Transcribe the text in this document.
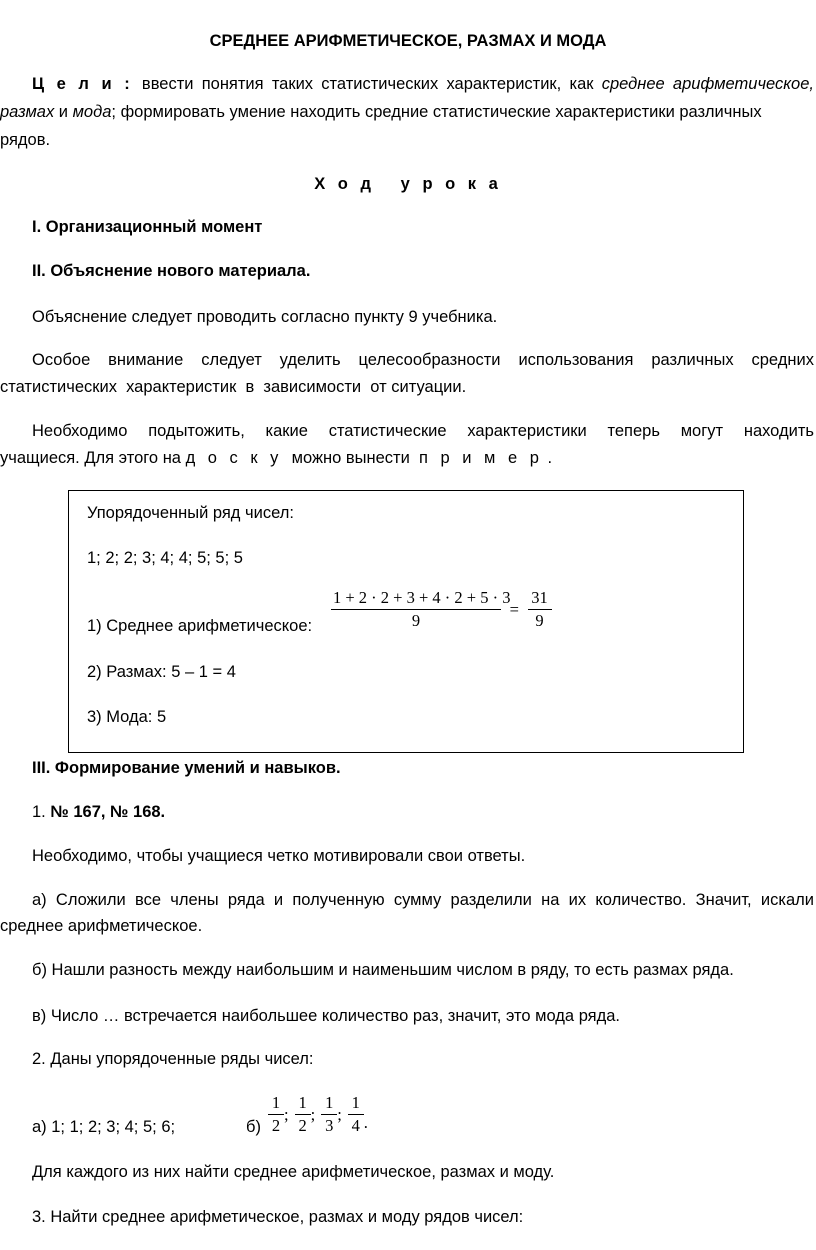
СРЕДНЕЕ АРИФМЕТИЧЕСКОЕ, РАЗМАХ И МОДА
Ц е л и : ввести понятия таких статистических характеристик, как среднее арифметическое,
размах и мода; формировать умение находить средние статистические характеристики различных
рядов.
Х о д   у р о к а
I. Организационный момент
II. Объяснение нового материала.
Объяснение следует проводить согласно пункту 9 учебника.
Особое внимание следует уделить целесообразности использования различных средних
статистических  характеристик  в  зависимости  от ситуации.
Необходимо подытожить, какие статистические характеристики теперь могут находить
учащиеся. Для этого на д о с к у  можно вынести  п р и м е р .
Упорядоченный ряд чисел:
1; 2; 2; 3; 4; 4; 5; 5; 5
1) Среднее арифметическое: $\frac{1 + 2 \cdot 2 + 3 + 4 \cdot 2 + 5 \cdot 3}{9} = \frac{31}{9}$
2) Размах: 5 – 1 = 4
3) Мода: 5
III. Формирование умений и навыков.
1. № 167, № 168.
Необходимо, чтобы учащиеся четко мотивировали свои ответы.
а) Сложили все члены ряда и полученную сумму разделили на их количество. Значит, искали
среднее арифметическое.
б) Нашли разность между наибольшим и наименьшим числом в ряду, то есть размах ряда.
в) Число … встречается наибольшее количество раз, значит, это мода ряда.
2. Даны упорядоченные ряды чисел:
а) 1; 1; 2; 3; 4; 5; 6;	$б) \frac{1}{2}$ ; $\frac{1}{2}$ ; $\frac{1}{3}$ ; $\frac{1}{4}$ .
Для каждого из них найти среднее арифметическое, размах и моду.
3. Найти среднее арифметическое, размах и моду рядов чисел:
